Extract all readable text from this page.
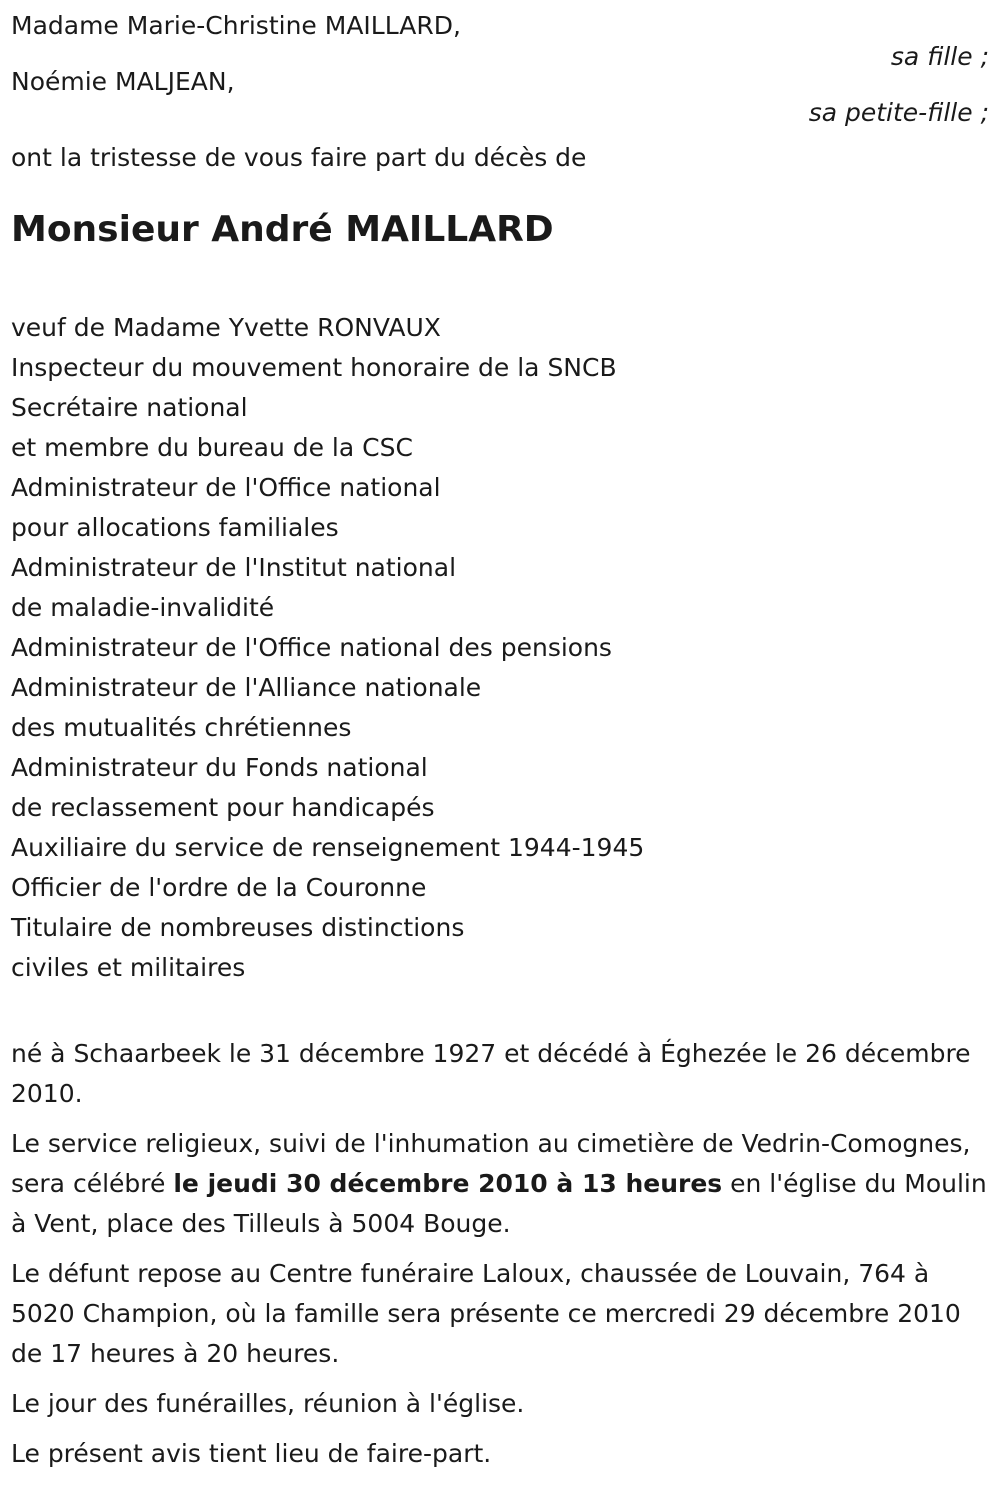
Madame Marie-Christine MAILLARD,
sa fille ;
Noémie MALJEAN,
sa petite-fille ;
ont la tristesse de vous faire part du décès de
Monsieur André MAILLARD
veuf de Madame Yvette RONVAUX
Inspecteur du mouvement honoraire de la SNCB
Secrétaire national
et membre du bureau de la CSC
Administrateur de l'Office national
pour allocations familiales
Administrateur de l'Institut national
de maladie-invalidité
Administrateur de l'Office national des pensions
Administrateur de l'Alliance nationale
des mutualités chrétiennes
Administrateur du Fonds national
de reclassement pour handicapés
Auxiliaire du service de renseignement 1944-1945
Officier de l'ordre de la Couronne
Titulaire de nombreuses distinctions
civiles et militaires

né à Schaarbeek le 31 décembre 1927 et décédé à Éghezée le 26 décembre 2010.

Le service religieux, suivi de l'inhumation au cimetière de Vedrin-Comognes, sera célébré le jeudi 30 décembre 2010 à 13 heures en l'église du Moulin à Vent, place des Tilleuls à 5004 Bouge.

Le défunt repose au Centre funéraire Laloux, chaussée de Louvain, 764 à 5020 Champion, où la famille sera présente ce mercredi 29 décembre 2010 de 17 heures à 20 heures.

Le jour des funérailles, réunion à l'église.

Le présent avis tient lieu de faire-part.
